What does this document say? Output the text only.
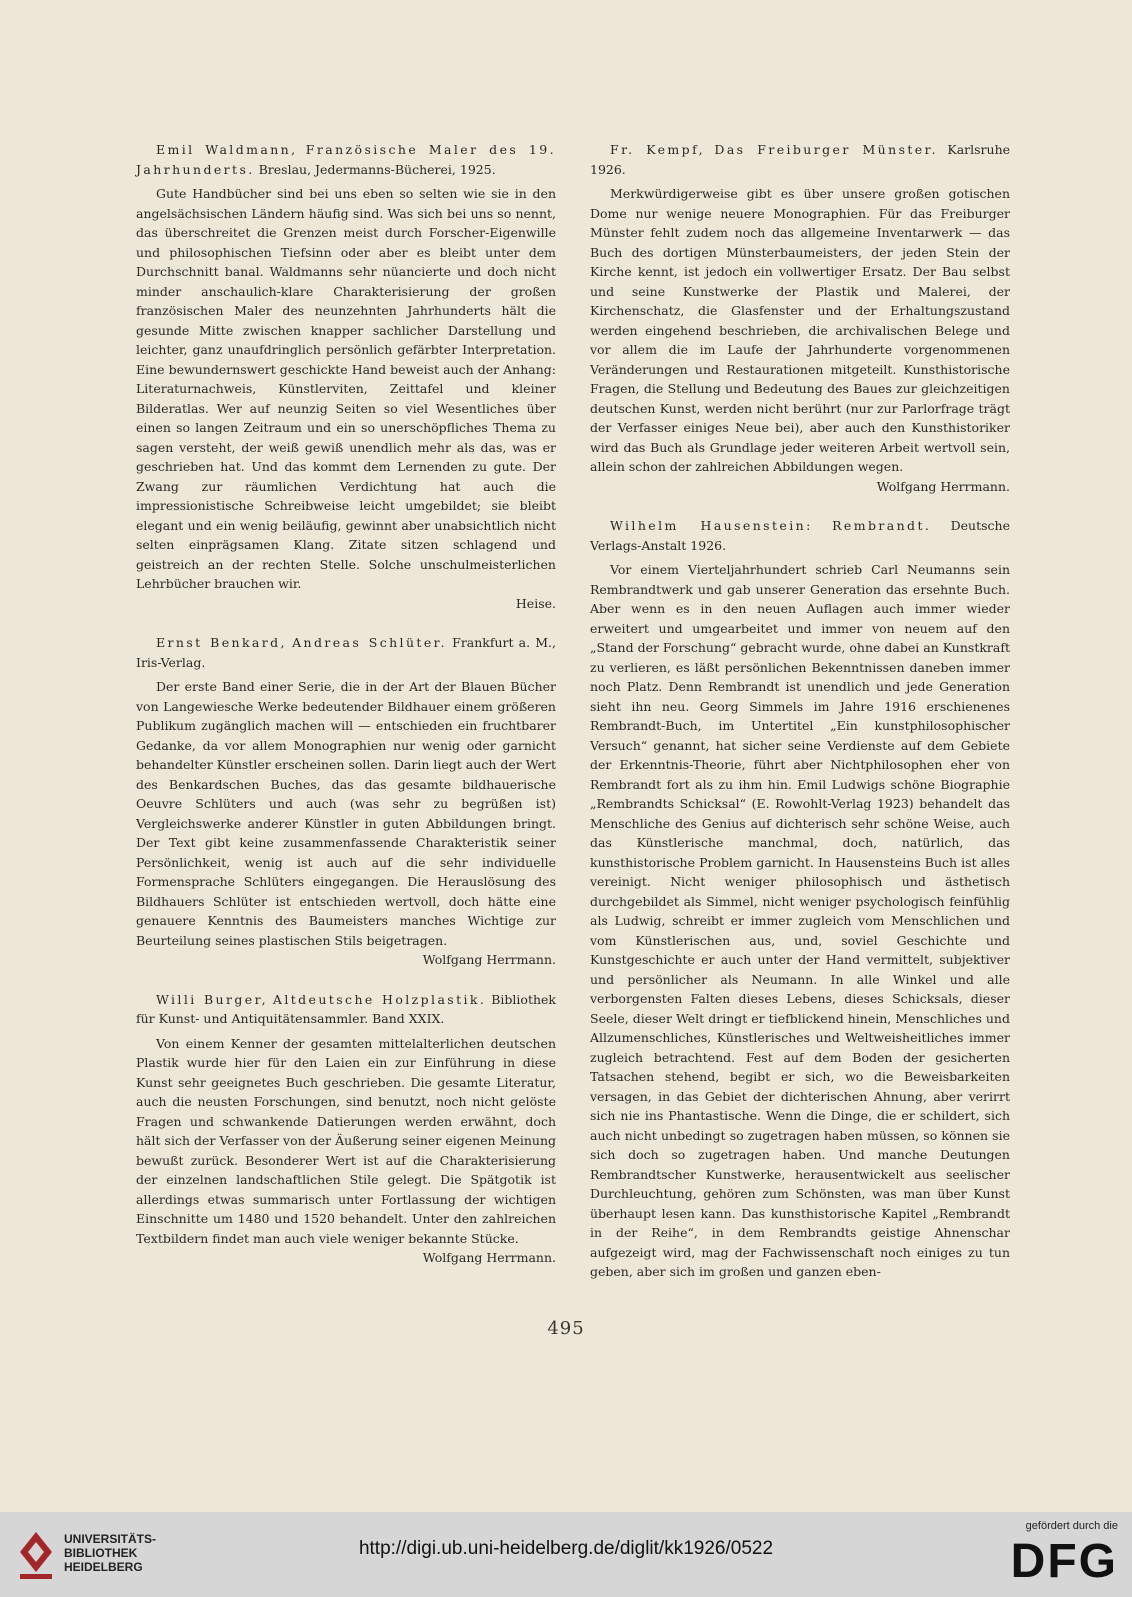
Emil Waldmann, Französische Maler des 19. Jahrhunderts. Breslau, Jedermanns-Bücherei, 1925.

Gute Handbücher sind bei uns eben so selten wie sie in den angelsächsischen Ländern häufig sind. Was sich bei uns so nennt, das überschreitet die Grenzen meist durch Forscher-Eigenwille und philosophischen Tiefsinn oder aber es bleibt unter dem Durchschnitt banal. Waldmanns sehr nüancierte und doch nicht minder anschaulich-klare Charakterisierung der großen französischen Maler des neunzehnten Jahrhunderts hält die gesunde Mitte zwischen knapper sachlicher Darstellung und leichter, ganz unaufdringlich persönlich gefärbter Interpretation. Eine bewundernswert geschickte Hand beweist auch der Anhang: Literaturnachweis, Künstlerviten, Zeittafel und kleiner Bilderatlas. Wer auf neunzig Seiten so viel Wesentliches über einen so langen Zeitraum und ein so unerschöpfliches Thema zu sagen versteht, der weiß gewiß unendlich mehr als das, was er geschrieben hat. Und das kommt dem Lernenden zu gute. Der Zwang zur räumlichen Verdichtung hat auch die impressionistische Schreibweise leicht umgebildet; sie bleibt elegant und ein wenig beiläufig, gewinnt aber unabsichtlich nicht selten einprägsamen Klang. Zitate sitzen schlagend und geistreich an der rechten Stelle. Solche unschulmeisterlichen Lehrbücher brauchen wir.

Heise.

Ernst Benkard, Andreas Schlüter. Frankfurt a. M., Iris-Verlag.

Der erste Band einer Serie, die in der Art der Blauen Bücher von Langewiesche Werke bedeutender Bildhauer einem größeren Publikum zugänglich machen will — entschieden ein fruchtbarer Gedanke, da vor allem Monographien nur wenig oder garnicht behandelter Künstler erscheinen sollen. Darin liegt auch der Wert des Benkardschen Buches, das das gesamte bildhauerische Oeuvre Schlüters und auch (was sehr zu begrüßen ist) Vergleichswerke anderer Künstler in guten Abbildungen bringt. Der Text gibt keine zusammenfassende Charakteristik seiner Persönlichkeit, wenig ist auch auf die sehr individuelle Formensprache Schlüters eingegangen. Die Herauslösung des Bildhauers Schlüter ist entschieden wertvoll, doch hätte eine genauere Kenntnis des Baumeisters manches Wichtige zur Beurteilung seines plastischen Stils beigetragen.

Wolfgang Herrmann.

Willi Burger, Altdeutsche Holzplastik. Bibliothek für Kunst- und Antiquitätensammler. Band XXIX.

Von einem Kenner der gesamten mittelalterlichen deutschen Plastik wurde hier für den Laien ein zur Einführung in diese Kunst sehr geeignetes Buch geschrieben. Die gesamte Literatur, auch die neusten Forschungen, sind benutzt, noch nicht gelöste Fragen und schwankende Datierungen werden erwähnt, doch hält sich der Verfasser von der Äußerung seiner eigenen Meinung bewußt zurück. Besonderer Wert ist auf die Charakterisierung der einzelnen landschaftlichen Stile gelegt. Die Spätgotik ist allerdings etwas summarisch unter Fortlassung der wichtigen Einschnitte um 1480 und 1520 behandelt. Unter den zahlreichen Textbildern findet man auch viele weniger bekannte Stücke.

Wolfgang Herrmann.

Fr. Kempf, Das Freiburger Münster. Karlsruhe 1926.

Merkwürdigerweise gibt es über unsere großen gotischen Dome nur wenige neuere Monographien. Für das Freiburger Münster fehlt zudem noch das allgemeine Inventarwerk — das Buch des dortigen Münsterbaumeisters, der jeden Stein der Kirche kennt, ist jedoch ein vollwertiger Ersatz. Der Bau selbst und seine Kunstwerke der Plastik und Malerei, der Kirchenschatz, die Glasfenster und der Erhaltungszustand werden eingehend beschrieben, die archivalischen Belege und vor allem die im Laufe der Jahrhunderte vorgenommenen Veränderungen und Restaurationen mitgeteilt. Kunsthistorische Fragen, die Stellung und Bedeutung des Baues zur gleichzeitigen deutschen Kunst, werden nicht berührt (nur zur Parlorfrage trägt der Verfasser einiges Neue bei), aber auch den Kunsthistoriker wird das Buch als Grundlage jeder weiteren Arbeit wertvoll sein, allein schon der zahlreichen Abbildungen wegen.

Wolfgang Herrmann.

Wilhelm Hausenstein: Rembrandt. Deutsche Verlags-Anstalt 1926.

Vor einem Vierteljahrhundert schrieb Carl Neumanns sein Rembrandtwerk und gab unserer Generation das ersehnte Buch. Aber wenn es in den neuen Auflagen auch immer wieder erweitert und umgearbeitet und immer von neuem auf den „Stand der Forschung“ gebracht wurde, ohne dabei an Kunstkraft zu verlieren, es läßt persönlichen Bekenntnissen daneben immer noch Platz. Denn Rembrandt ist unendlich und jede Generation sieht ihn neu. Georg Simmels im Jahre 1916 erschienenes Rembrandt-Buch, im Untertitel „Ein kunstphilosophischer Versuch“ genannt, hat sicher seine Verdienste auf dem Gebiete der Erkenntnis-Theorie, führt aber Nichtphilosophen eher von Rembrandt fort als zu ihm hin. Emil Ludwigs schöne Biographie „Rembrandts Schicksal“ (E. Rowohlt-Verlag 1923) behandelt das Menschliche des Genius auf dichterisch sehr schöne Weise, auch das Künstlerische manchmal, doch, natürlich, das kunsthistorische Problem garnicht. In Hausensteins Buch ist alles vereinigt. Nicht weniger philosophisch und ästhetisch durchgebildet als Simmel, nicht weniger psychologisch feinfühlig als Ludwig, schreibt er immer zugleich vom Menschlichen und vom Künstlerischen aus, und, soviel Geschichte und Kunstgeschichte er auch unter der Hand vermittelt, subjektiver und persönlicher als Neumann. In alle Winkel und alle verborgensten Falten dieses Lebens, dieses Schicksals, dieser Seele, dieser Welt dringt er tiefblickend hinein, Menschliches und Allzumenschliches, Künstlerisches und Weltweisheitliches immer zugleich betrachtend. Fest auf dem Boden der gesicherten Tatsachen stehend, begibt er sich, wo die Beweisbarkeiten versagen, in das Gebiet der dichterischen Ahnung, aber verirrt sich nie ins Phantastische. Wenn die Dinge, die er schildert, sich auch nicht unbedingt so zugetragen haben müssen, so können sie sich doch so zugetragen haben. Und manche Deutungen Rembrandtscher Kunstwerke, herausentwickelt aus seelischer Durchleuchtung, gehören zum Schönsten, was man über Kunst überhaupt lesen kann. Das kunsthistorische Kapitel „Rembrandt in der Reihe“, in dem Rembrandts geistige Ahnenschar aufgezeigt wird, mag der Fachwissenschaft noch einiges zu tun geben, aber sich im großen und ganzen eben-

495
UNIVERSITÄTS-
BIBLIOTHEK
HEIDELBERG
http://digi.ub.uni-heidelberg.de/diglit/kk1926/0522
gefördert durch die
DFG
